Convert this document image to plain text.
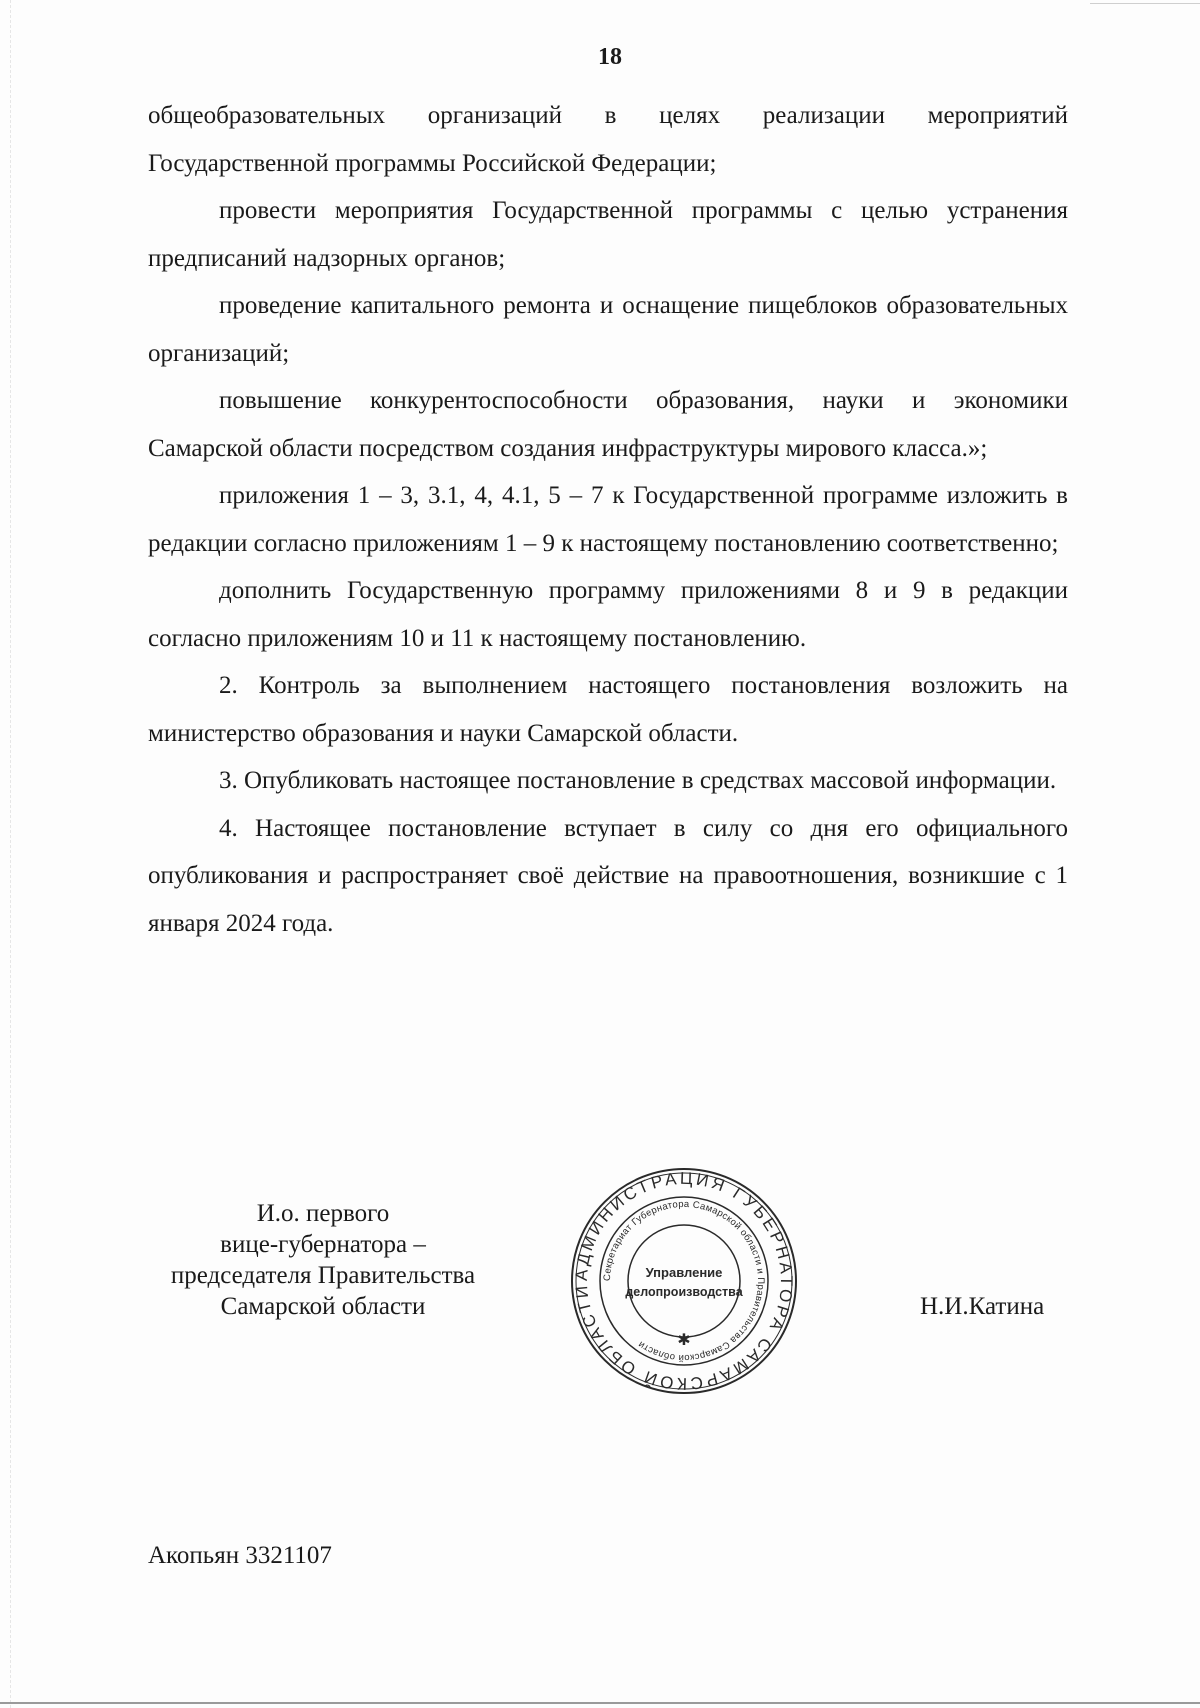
18

общеобразовательных организаций в целях реализации мероприятий Государственной программы Российской Федерации;

провести мероприятия Государственной программы с целью устранения предписаний надзорных органов;

проведение капитального ремонта и оснащение пищеблоков образовательных организаций;

повышение конкурентоспособности образования, науки и экономики Самарской области посредством создания инфраструктуры мирового класса.»;

приложения 1 – 3, 3.1, 4, 4.1, 5 – 7 к Государственной программе изложить в редакции согласно приложениям 1 – 9 к настоящему постановлению соответственно;

дополнить Государственную программу приложениями 8 и 9 в редакции согласно приложениям 10 и 11 к настоящему постановлению.

2. Контроль за выполнением настоящего постановления возложить на министерство образования и науки Самарской области.

3. Опубликовать настоящее постановление в средствах массовой информации.

4. Настоящее постановление вступает в силу со дня его официального опубликования и распространяет своё действие на правоотношения, возникшие с 1 января 2024 года.

И.о. первого
вице-губернатора –
председателя Правительства
Самарской области
АДМИНИСТРАЦИЯ ГУБЕРНАТОРА САМАРСКОЙ ОБЛАСТИ
Секретариат Губернатора Самарской области и Правительства Самарской области
Управление
делопроизводства
✱
Н.И.Катина
Акопьян 3321107
